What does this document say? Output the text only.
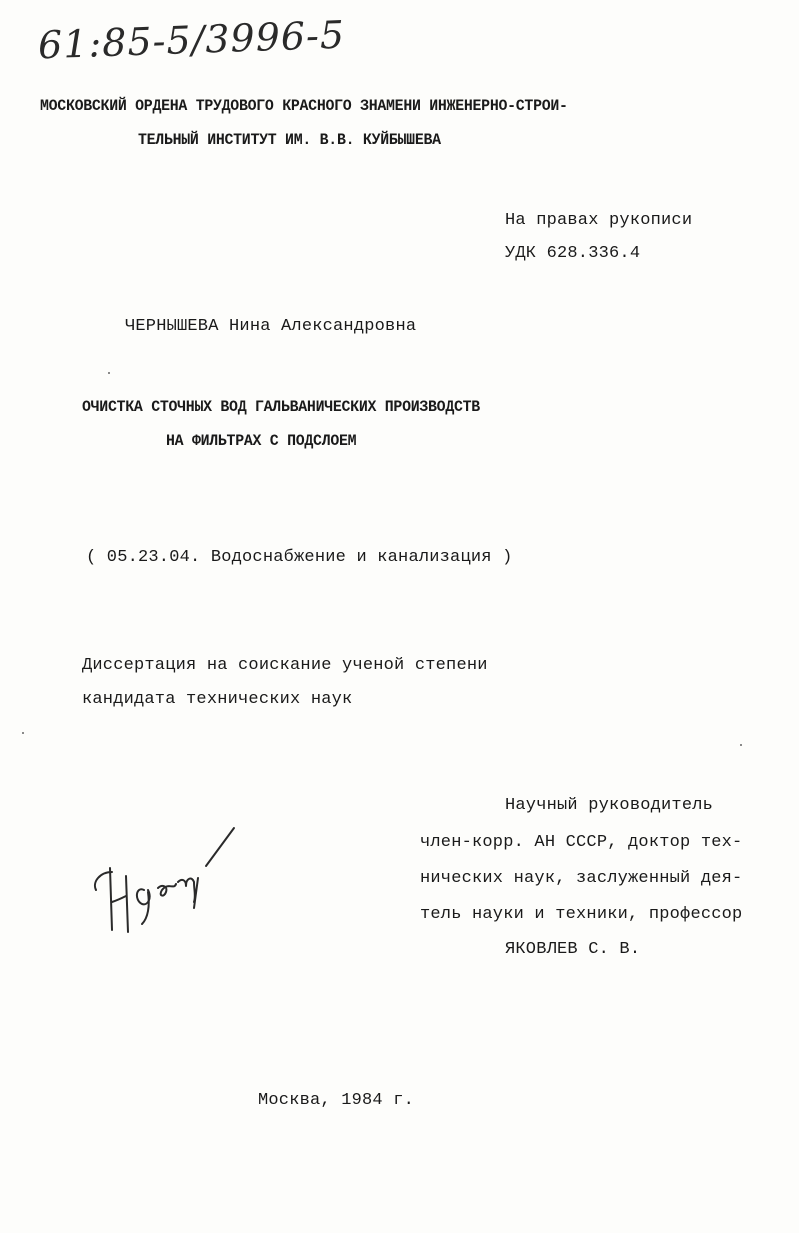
61:85-5/3996-5
МОСКОВСКИЙ ОРДЕНА ТРУДОВОГО КРАСНОГО ЗНАМЕНИ ИНЖЕНЕРНО-СТРОИ-
ТЕЛЬНЫЙ ИНСТИТУТ ИМ. В.В. КУЙБЫШЕВА
На правах рукописи
УДК 628.336.4
ЧЕРНЫШЕВА Нина Александровна
ОЧИСТКА СТОЧНЫХ ВОД ГАЛЬВАНИЧЕСКИХ ПРОИЗВОДСТВ
НА ФИЛЬТРАХ С ПОДСЛОЕМ
( 05.23.04. Водоснабжение и канализация )
Диссертация на соискание ученой степени
кандидата технических наук
Научный руководитель
член-корр. АН СССР, доктор тех-
нических наук, заслуженный дея-
тель науки и техники, профессор
ЯКОВЛЕВ С. В.
Москва, 1984 г.
